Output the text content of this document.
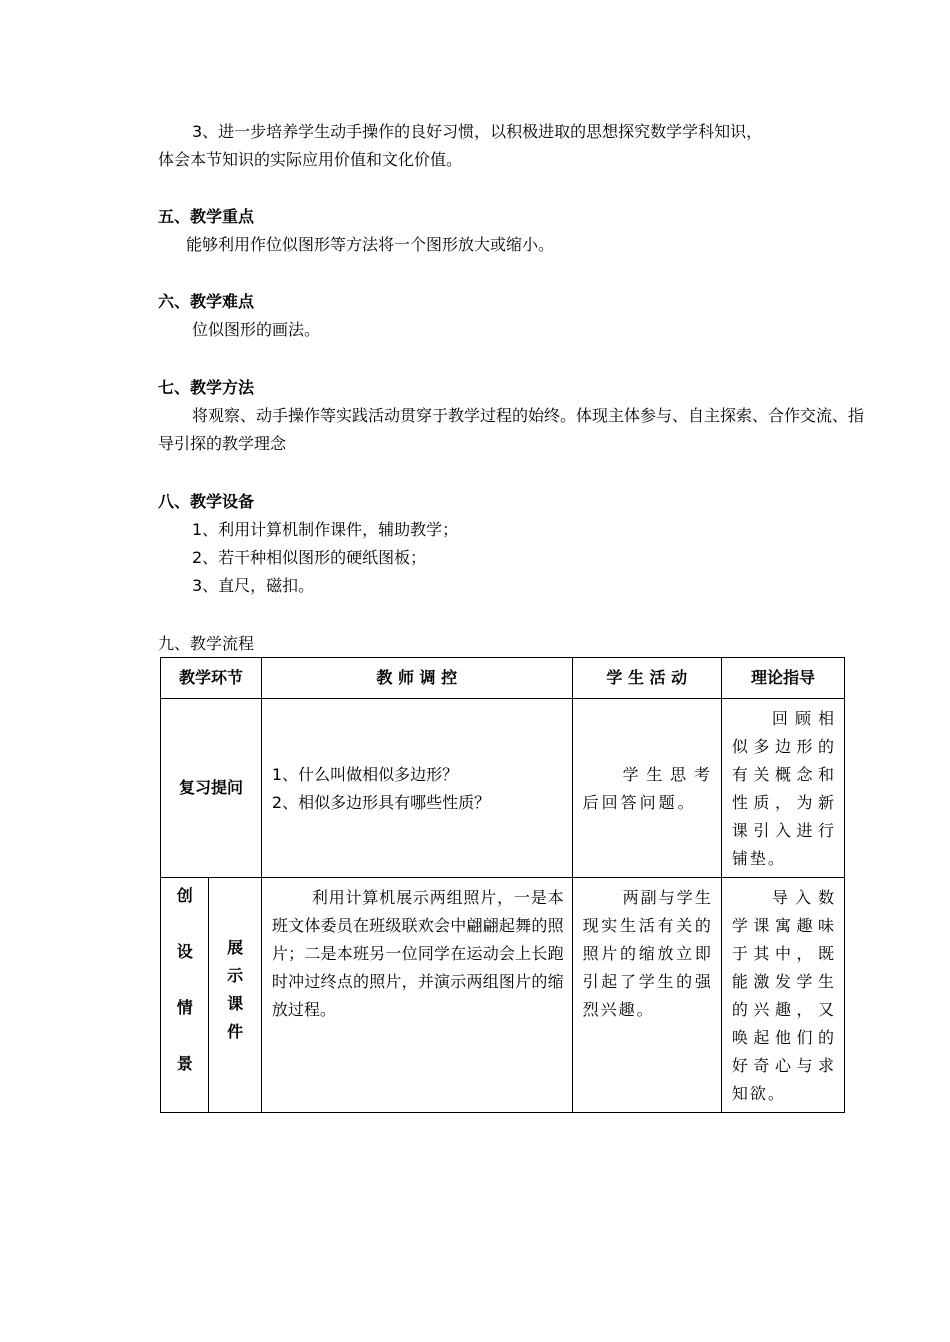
3、进一步培养学生动手操作的良好习惯，以积极进取的思想探究数学学科知识，

体会本节知识的实际应用价值和文化价值。

五、教学重点

能够利用作位似图形等方法将一个图形放大或缩小。

六、教学难点

位似图形的画法。

七、教学方法

将观察、动手操作等实践活动贯穿于教学过程的始终。体现主体参与、自主探索、合作交流、指导引探的教学理念

八、教学设备

1、利用计算机制作课件，辅助教学；

2、若干种相似图形的硬纸图板；

3、直尺，磁扣。

九、教学流程

教学环节		教 师 调 控	学 生 活 动	理论指导
复习提问		1、什么叫做相似多边形？
2、相似多边形具有哪些性质？	学生思考后回答问题。	回顾相似多边形的有关概念和性质，为新课引入进行铺垫。

创
设
情
景	展
示
课
件	利用计算机展示两组照片，一是本班文体委员在班级联欢会中翩翩起舞的照片；二是本班另一位同学在运动会上长跑时冲过终点的照片，并演示两组图片的缩放过程。	两副与学生现实生活有关的照片的缩放立即引起了学生的强烈兴趣。	导入数学课寓趣味于其中，既能激发学生的兴趣，又唤起他们的好奇心与求知欲。
